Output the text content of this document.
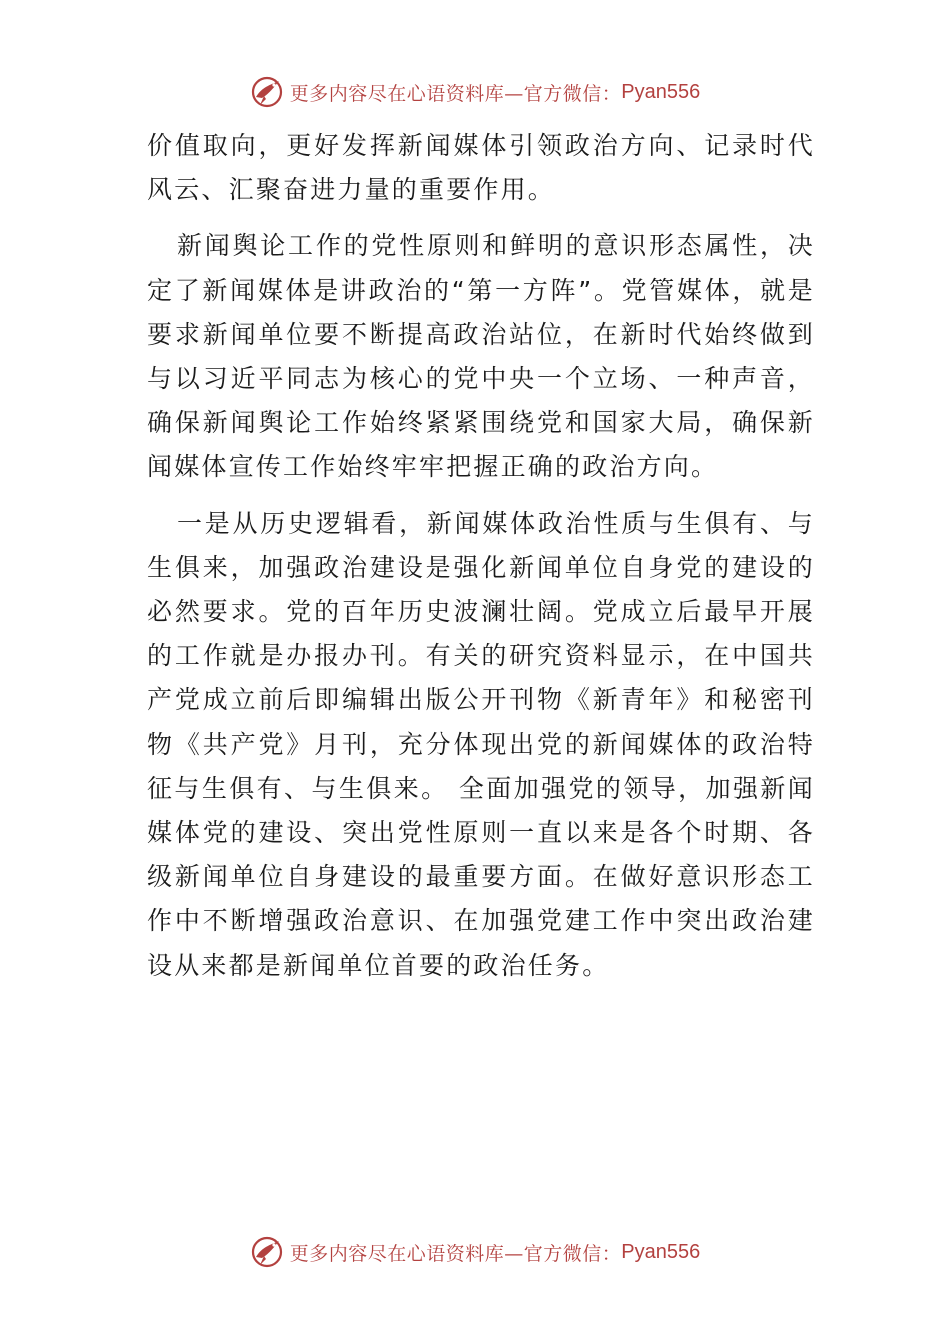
更多内容尽在心语资料库—官方微信： Pyan556

价值取向，更好发挥新闻媒体引领政治方向、记录时代风云、汇聚奋进力量的重要作用。

新闻舆论工作的党性原则和鲜明的意识形态属性，决定了新闻媒体是讲政治的“第一方阵”。党管媒体，就是要求新闻单位要不断提高政治站位，在新时代始终做到与以习近平同志为核心的党中央一个立场、一种声音，确保新闻舆论工作始终紧紧围绕党和国家大局，确保新闻媒体宣传工作始终牢牢把握正确的政治方向。

一是从历史逻辑看，新闻媒体政治性质与生俱有、与生俱来，加强政治建设是强化新闻单位自身党的建设的必然要求。党的百年历史波澜壮阔。党成立后最早开展的工作就是办报办刊。有关的研究资料显示，在中国共产党成立前后即编辑出版公开刊物《新青年》和秘密刊物《共产党》月刊，充分体现出党的新闻媒体的政治特征与生俱有、与生俱来。 全面加强党的领导，加强新闻媒体党的建设、突出党性原则一直以来是各个时期、各级新闻单位自身建设的最重要方面。在做好意识形态工作中不断增强政治意识、在加强党建工作中突出政治建设从来都是新闻单位首要的政治任务。

更多内容尽在心语资料库—官方微信： Pyan556
